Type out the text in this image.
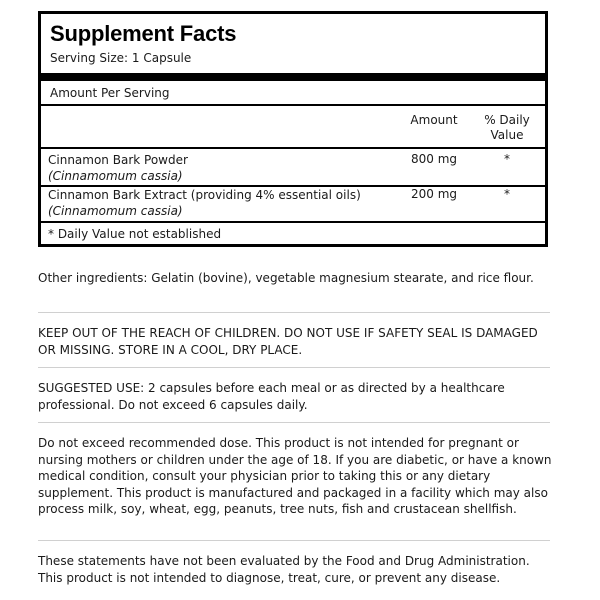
Supplement Facts
Serving Size: 1 Capsule
Amount Per Serving
Amount	% Daily Value
Cinnamon Bark Powder
(Cinnamomum cassia)
800 mg	*
Cinnamon Bark Extract (providing 4% essential oils)
(Cinnamomum cassia)
200 mg	*
* Daily Value not established
Other ingredients: Gelatin (bovine), vegetable magnesium stearate, and rice flour.
KEEP OUT OF THE REACH OF CHILDREN. DO NOT USE IF SAFETY SEAL IS DAMAGED OR MISSING. STORE IN A COOL, DRY PLACE.
SUGGESTED USE: 2 capsules before each meal or as directed by a healthcare professional. Do not exceed 6 capsules daily.
Do not exceed recommended dose. This product is not intended for pregnant or nursing mothers or children under the age of 18. If you are diabetic, or have a known medical condition, consult your physician prior to taking this or any dietary supplement. This product is manufactured and packaged in a facility which may also process milk, soy, wheat, egg, peanuts, tree nuts, fish and crustacean shellfish.
These statements have not been evaluated by the Food and Drug Administration. This product is not intended to diagnose, treat, cure, or prevent any disease.
